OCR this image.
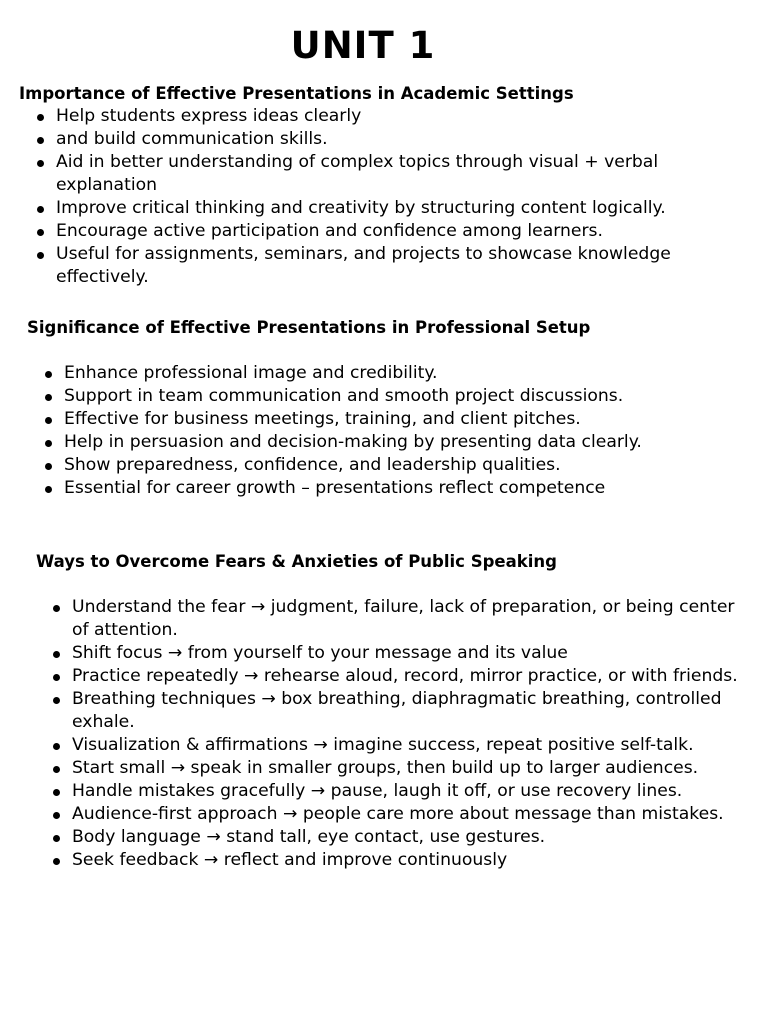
UNIT 1
Importance of Effective Presentations in Academic Settings
Help students express ideas clearly
and build communication skills.
Aid in better understanding of complex topics through visual + verbal explanation
Improve critical thinking and creativity by structuring content logically.
Encourage active participation and confidence among learners.
Useful for assignments, seminars, and projects to showcase knowledge effectively.
Significance of Effective Presentations in Professional Setup
Enhance professional image and credibility.
Support in team communication and smooth project discussions.
Effective for business meetings, training, and client pitches.
Help in persuasion and decision-making by presenting data clearly.
Show preparedness, confidence, and leadership qualities.
Essential for career growth – presentations reflect competence
Ways to Overcome Fears & Anxieties of Public Speaking
Understand the fear → judgment, failure, lack of preparation, or being center of attention.
Shift focus → from yourself to your message and its value
Practice repeatedly → rehearse aloud, record, mirror practice, or with friends.
Breathing techniques → box breathing, diaphragmatic breathing, controlled exhale.
Visualization & affirmations → imagine success, repeat positive self-talk.
Start small → speak in smaller groups, then build up to larger audiences.
Handle mistakes gracefully → pause, laugh it off, or use recovery lines.
Audience-first approach → people care more about message than mistakes.
Body language → stand tall, eye contact, use gestures.
Seek feedback → reflect and improve continuously
